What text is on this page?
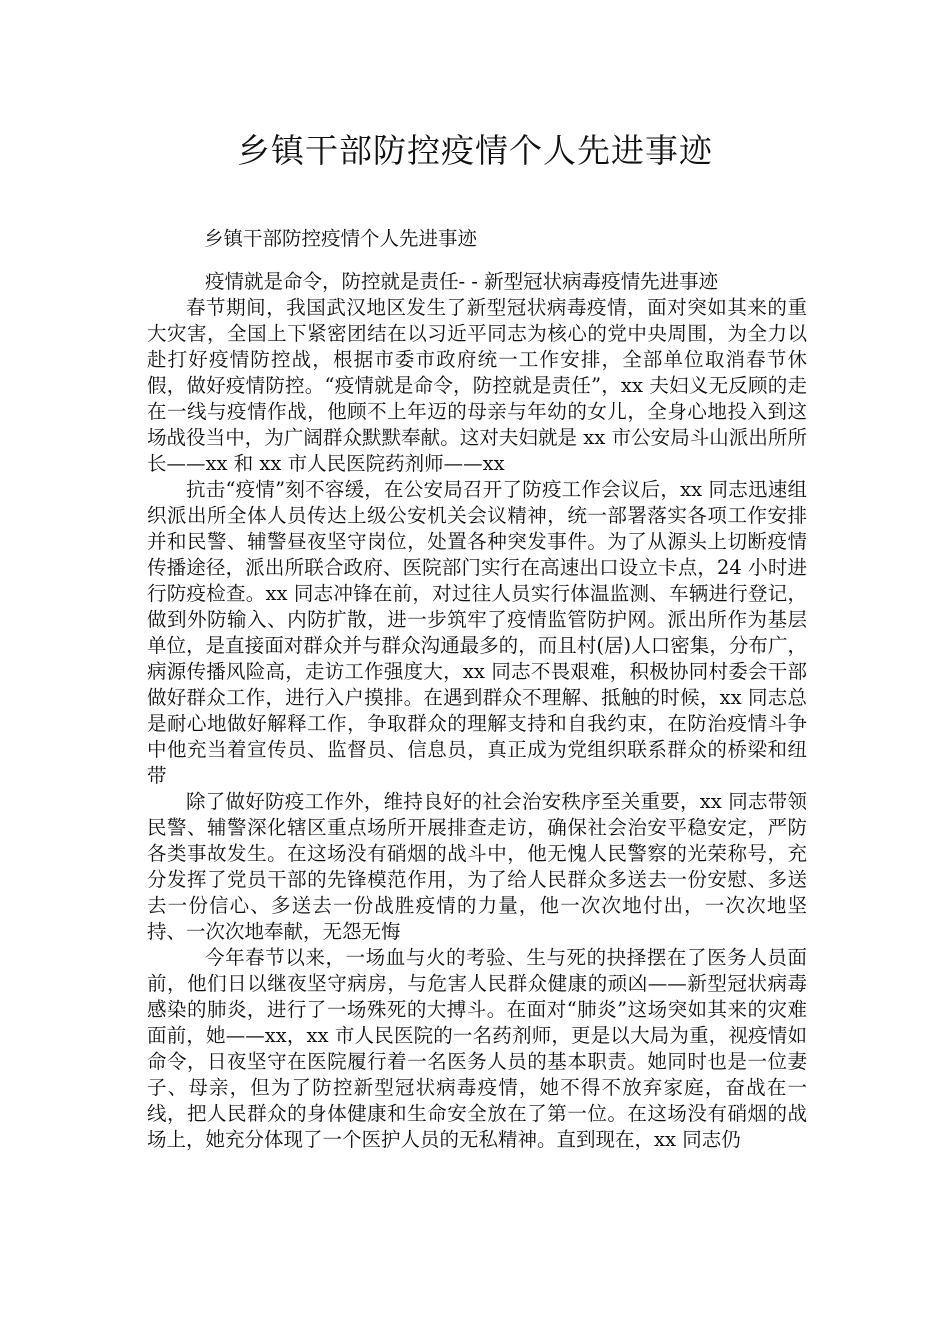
乡镇干部防控疫情个人先进事迹

乡镇干部防控疫情个人先进事迹

疫情就是命令，防控就是责任- - 新型冠状病毒疫情先进事迹

春节期间，我国武汉地区发生了新型冠状病毒疫情，面对突如其来的重大灾害，全国上下紧密团结在以习近平同志为核心的党中央周围，为全力以赴打好疫情防控战，根据市委市政府统一工作安排，全部单位取消春节休假，做好疫情防控。“疫情就是命令，防控就是责任”，xx 夫妇义无反顾的走在一线与疫情作战，他顾不上年迈的母亲与年幼的女儿，全身心地投入到这场战役当中，为广阔群众默默奉献。这对夫妇就是 xx 市公安局斗山派出所所长——xx 和 xx 市人民医院药剂师——xx

抗击“疫情”刻不容缓，在公安局召开了防疫工作会议后，xx 同志迅速组织派出所全体人员传达上级公安机关会议精神，统一部署落实各项工作安排并和民警、辅警昼夜坚守岗位，处置各种突发事件。为了从源头上切断疫情传播途径，派出所联合政府、医院部门实行在高速出口设立卡点，24 小时进行防疫检查。xx 同志冲锋在前，对过往人员实行体温监测、车辆进行登记，做到外防输入、内防扩散，进一步筑牢了疫情监管防护网。派出所作为基层单位，是直接面对群众并与群众沟通最多的，而且村(居)人口密集，分布广，病源传播风险高，走访工作强度大，xx 同志不畏艰难，积极协同村委会干部做好群众工作，进行入户摸排。在遇到群众不理解、抵触的时候，xx 同志总是耐心地做好解释工作，争取群众的理解支持和自我约束，在防治疫情斗争中他充当着宣传员、监督员、信息员，真正成为党组织联系群众的桥梁和纽带

除了做好防疫工作外，维持良好的社会治安秩序至关重要，xx 同志带领民警、辅警深化辖区重点场所开展排查走访，确保社会治安平稳安定，严防各类事故发生。在这场没有硝烟的战斗中，他无愧人民警察的光荣称号，充分发挥了党员干部的先锋模范作用，为了给人民群众多送去一份安慰、多送去一份信心、多送去一份战胜疫情的力量，他一次次地付出，一次次地坚持、一次次地奉献，无怨无悔

今年春节以来，一场血与火的考验、生与死的抉择摆在了医务人员面前，他们日以继夜坚守病房，与危害人民群众健康的顽凶——新型冠状病毒感染的肺炎，进行了一场殊死的大搏斗。在面对“肺炎”这场突如其来的灾难面前，她——xx，xx 市人民医院的一名药剂师，更是以大局为重，视疫情如命令，日夜坚守在医院履行着一名医务人员的基本职责。她同时也是一位妻子、母亲，但为了防控新型冠状病毒疫情，她不得不放弃家庭，奋战在一线，把人民群众的身体健康和生命安全放在了第一位。在这场没有硝烟的战场上，她充分体现了一个医护人员的无私精神。直到现在，xx 同志仍
